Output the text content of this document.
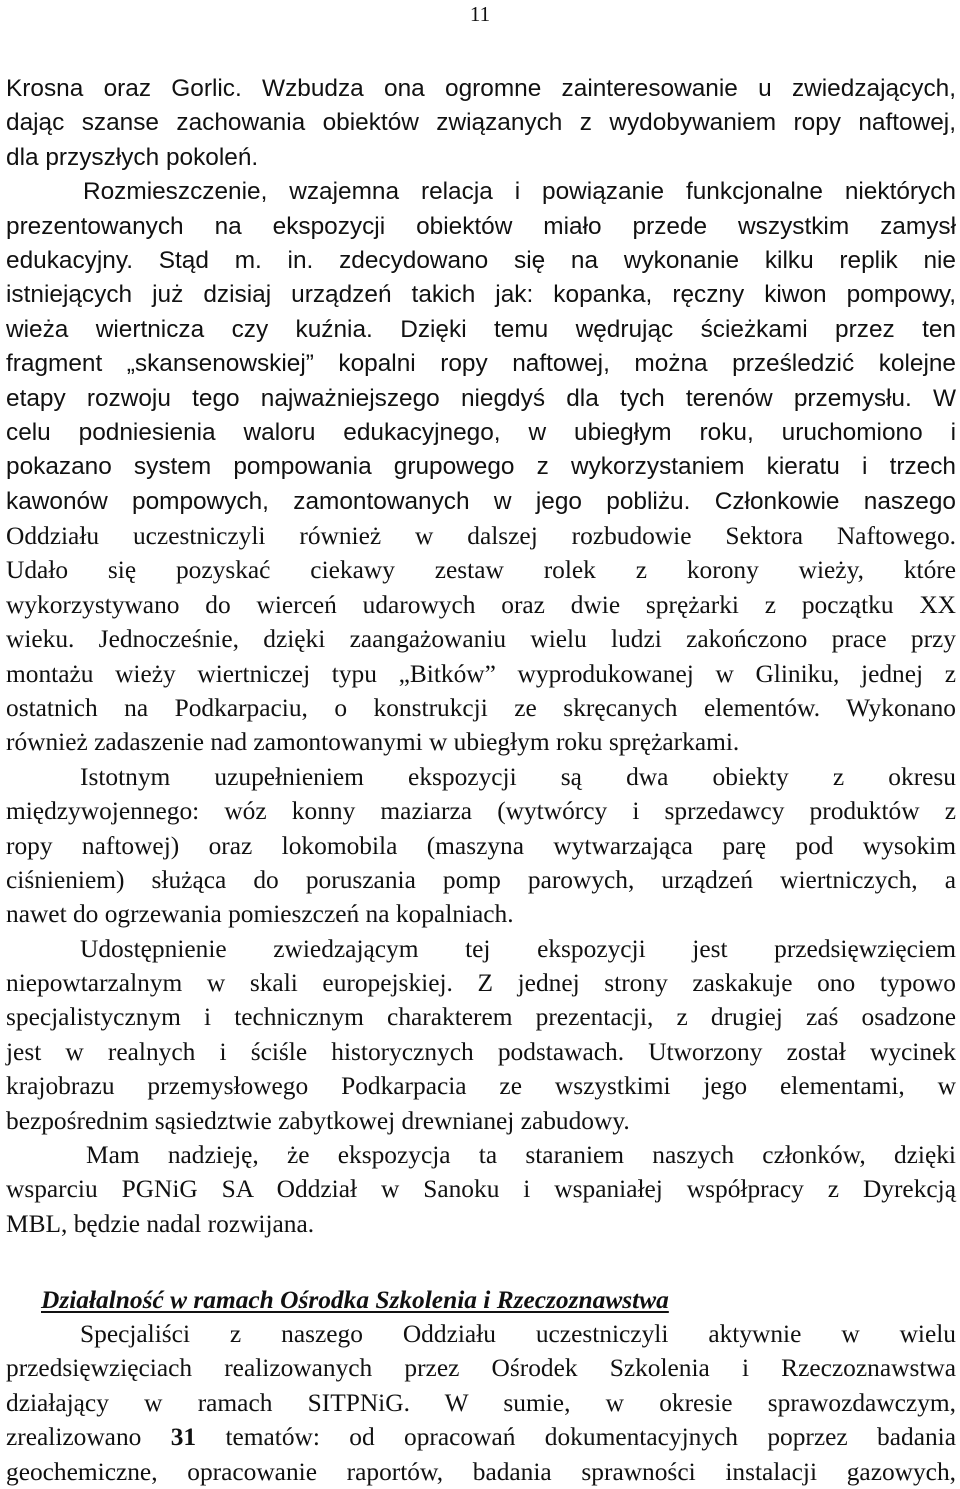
11
Krosna oraz Gorlic. Wzbudza ona ogromne zainteresowanie u zwiedzających,
dając szanse zachowania obiektów związanych z wydobywaniem ropy naftowej,
dla przyszłych pokoleń.
Rozmieszczenie, wzajemna relacja i powiązanie funkcjonalne niektórych
prezentowanych na ekspozycji obiektów miało przede wszystkim zamysł
edukacyjny. Stąd m. in. zdecydowano się na wykonanie kilku replik nie
istniejących już dzisiaj urządzeń takich jak: kopanka, ręczny kiwon pompowy,
wieża wiertnicza czy kuźnia. Dzięki temu wędrując ścieżkami przez ten
fragment „skansenowskiej” kopalni ropy naftowej, można prześledzić kolejne
etapy rozwoju tego najważniejszego niegdyś dla tych terenów przemysłu. W
celu podniesienia waloru edukacyjnego, w ubiegłym roku, uruchomiono i
pokazano system pompowania grupowego z wykorzystaniem kieratu i trzech
kawonów pompowych, zamontowanych w jego pobliżu. Członkowie naszego
Oddziału uczestniczyli również w dalszej rozbudowie Sektora Naftowego.
Udało się pozyskać ciekawy zestaw rolek z korony wieży, które
wykorzystywano do wierceń udarowych oraz dwie sprężarki z początku XX
wieku. Jednocześnie, dzięki zaangażowaniu wielu ludzi zakończono prace przy
montażu wieży wiertniczej typu „Bitków” wyprodukowanej w Gliniku, jednej z
ostatnich na Podkarpaciu, o konstrukcji ze skręcanych elementów. Wykonano
również zadaszenie nad zamontowanymi w ubiegłym roku sprężarkami.
Istotnym uzupełnieniem ekspozycji są dwa obiekty z okresu
międzywojennego: wóz konny maziarza (wytwórcy i sprzedawcy produktów z
ropy naftowej) oraz lokomobila (maszyna wytwarzająca parę pod wysokim
ciśnieniem) służąca do poruszania pomp parowych, urządzeń wiertniczych, a
nawet do ogrzewania pomieszczeń na kopalniach.
Udostępnienie zwiedzającym tej ekspozycji jest przedsięwzięciem
niepowtarzalnym w skali europejskiej. Z jednej strony zaskakuje ono typowo
specjalistycznym i technicznym charakterem prezentacji, z drugiej zaś osadzone
jest w realnych i ściśle historycznych podstawach. Utworzony został wycinek
krajobrazu przemysłowego Podkarpacia ze wszystkimi jego elementami, w
bezpośrednim sąsiedztwie zabytkowej drewnianej zabudowy.
Mam nadzieję, że ekspozycja ta staraniem naszych członków, dzięki
wsparciu PGNiG SA Oddział w Sanoku i wspaniałej współpracy z Dyrekcją
MBL, będzie nadal rozwijana.
Działalność w ramach Ośrodka Szkolenia i Rzeczoznawstwa
Specjaliści z naszego Oddziału uczestniczyli aktywnie w wielu
przedsięwzięciach realizowanych przez Ośrodek Szkolenia i Rzeczoznawstwa
działający w ramach SITPNiG. W sumie, w okresie sprawozdawczym,
zrealizowano 31 tematów: od opracowań dokumentacyjnych poprzez badania
geochemiczne, opracowanie raportów, badania sprawności instalacji gazowych,
